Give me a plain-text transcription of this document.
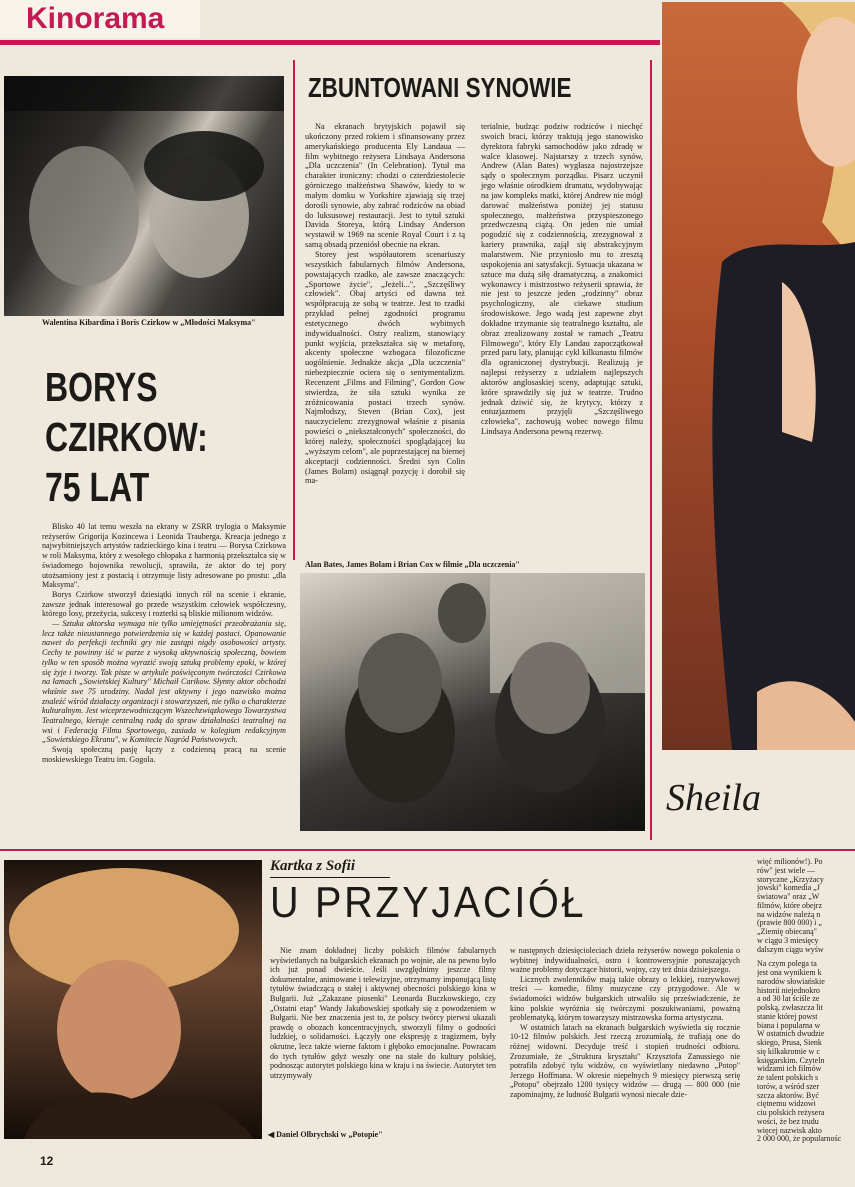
Kinorama

Walentina Kibardina i Boris Czirkow w „Młodości Maksyma"

BORYS
CZIRKOW:
75 LAT

Blisko 40 lat temu weszła na ekrany w ZSRR trylogia o Maksymie reżyserów Grigorija Kozincewa i Leonida Trauberga. Kreacja jednego z najwybitniejszych artystów radzieckiego kina i teatru — Borysa Czirkowa w roli Maksyma, który z wesołego chłopaka z harmonią przekształca się w świadomego bojownika rewolucji, sprawiła, że aktor do tej pory utożsamiony jest z postacią i otrzymuje listy adresowane po prostu: „dla Maksyma".

Borys Czirkow stworzył dziesiątki innych ról na scenie i ekranie, zawsze jednak interesował go przede wszystkim człowiek współczesny, którego losy, przeżycia, sukcesy i rozterki są bliskie milionom widzów.

— Sztuka aktorska wymaga nie tylko umiejętności przeobrażania się, lecz także nieustannego potwierdzenia się w każdej postaci. Opanowanie nawet do perfekcji techniki gry nie zastąpi nigdy osobowości artysty. Cechy te powinny iść w parze z wysoką aktywnością społeczną, bowiem tylko w ten sposób można wyrazić swoją sztuką problemy epoki, w której się żyje i tworzy. Tak pisze w artykule poświęconym twórczości Czirkowa na łamach „Sowietskiej Kultury" Michaił Carikow. Słynny aktor obchodzi właśnie swe 75 urodziny. Nadal jest aktywny i jego nazwisko można znaleźć wśród działaczy organizacji i stowarzyszeń, nie tylko o charakterze kulturalnym. Jest wiceprzewodniczącym Wszechzwiązkowego Towarzystwa Teatralnego, kieruje centralną radą do spraw działalności teatralnej na wsi i Federacją Filmu Sportowego, zasiada w kolegium redakcyjnym „Sowietskiego Ekranu", w Komitecie Nagród Państwowych.

Swoją społeczną pasję łączy z codzienną pracą na scenie moskiewskiego Teatru im. Gogola.

ZBUNTOWANI SYNOWIE

Na ekranach brytyjskich pojawił się ukończony przed rokiem i sfinansowany przez amerykańskiego producenta Ely Landaua — film wybitnego reżysera Lindsaya Andersona „Dla uczczenia" (In Celebration). Tytuł ma charakter ironiczny: chodzi o czterdziestolecie górniczego małżeństwa Shawów, kiedy to w małym domku w Yorkshire zjawiają się trzej dorośli synowie, aby zabrać rodziców na obiad do luksusowej restauracji. Jest to tytuł sztuki Davida Storeya, którą Lindsay Anderson wystawił w 1969 na scenie Royal Court i z tą samą obsadą przeniósł obecnie na ekran.

Storey jest współautorem scenariuszy wszystkich fabularnych filmów Andersona, powstających rzadko, ale zawsze znaczących: „Sportowe życie", „Jeżeli...", „Szczęśliwy człowiek". Obaj artyści od dawna też współpracują ze sobą w teatrze. Jest to rzadki przykład pełnej zgodności programu estetycznego dwóch wybitnych indywidualności. Ostry realizm, stanowiący punkt wyjścia, przekształca się w metaforę, akcenty społeczne wzbogaca filozoficzne uogólnienie. Jednakże akcja „Dla uczczenia" niebezpiecznie ociera się o sentymentalizm. Recenzent „Films and Filming", Gordon Gow stwierdza, że siła sztuki wynika ze zróżnicowania postaci trzech synów. Najmłodszy, Steven (Brian Cox), jest nauczycielem: zrezygnował właśnie z pisania powieści o „niekształconych" społeczności, do której należy, społeczności spoglądającej ku „wyższym celom", ale poprzestającej na biernej akceptacji codzienności. Średni syn Colin (James Bolam) osiągnął pozycję i dorobił się ma-

terialnie, budząc podziw rodziców i niechęć swoich braci, którzy traktują jego stanowisko dyrektora fabryki samochodów jako zdradę w walce klasowej. Najstarszy z trzech synów, Andrew (Alan Bates) wygłasza najostrzejsze sądy o społecznym porządku. Pisarz uczynił jego właśnie ośrodkiem dramatu, wydobywając na jaw kompleks matki, której Andrew nie mógł darować małżeństwa poniżej jej statusu społecznego, małżeństwa przyspieszonego przedwczesną ciążą. On jeden nie umiał pogodzić się z codziennością, zrezygnował z kariery prawnika, zajął się abstrakcyjnym malarstwem. Nie przyniosło mu to zresztą uspokojenia ani satysfakcji. Sytuacja ukazana w sztuce ma dużą siłę dramatyczną, a znakomici wykonawcy i mistrzostwo reżyserii sprawia, że nie jest to jeszcze jeden „rodzinny" obraz psychologiczny, ale ciekawe studium środowiskowe. Jego wadą jest zapewne zbyt dokładne trzymanie się teatralnego kształtu, ale obraz zrealizowany został w ramach „Teatru Filmowego", który Ely Landau zapoczątkował przed paru laty, planując cykl kilkunastu filmów dla ograniczonej dystrybucji. Realizują je najlepsi reżyserzy z udziałem najlepszych aktorów anglosaskiej sceny, adaptując sztuki, które sprawdziły się już w teatrze. Trudno jednak dziwić się, że krytycy, którzy z entuzjazmem przyjęli „Szczęśliwego człowieka", zachowują wobec nowego filmu Lindsaya Andersona pewną rezerwę.

Alan Bates, James Bolam i Brian Cox w filmie „Dla uczczenia"

Sheila
◀ Daniel Olbrychski w „Potopie"
Kartka z Sofii
U PRZYJACIÓŁ

Nie znam dokładnej liczby polskich filmów fabularnych wyświetlanych na bułgarskich ekranach po wojnie, ale na pewno było ich już ponad dwieście. Jeśli uwzględnimy jeszcze filmy dokumentalne, animowane i telewizyjne, otrzymamy imponującą listę tytułów świadczącą o stałej i aktywnej obecności polskiego kina w Bułgarii. Już „Zakazane piosenki" Leonarda Buczkowskiego, czy „Ostatni etap" Wandy Jakubowskiej spotkały się z powodzeniem w Bułgarii. Nie bez znaczenia jest to, że polscy twórcy pierwsi ukazali prawdę o obozach koncentracyjnych, stworzyli filmy o godności ludzkiej, o solidarności. Łączyły one ekspresję z tragizmem, były okrutne, lecz także wierne faktom i głęboko emocjonalne. Powracam do tych tytułów gdyż weszły one na stałe do kultury polskiej, podnosząc autorytet polskiego kina w kraju i na świecie. Autorytet ten utrzymywały

w następnych dziesięcioleciach dzieła reżyserów nowego pokolenia o wybitnej indywidualności, ostro i kontrowersyjnie poruszających ważne problemy dotyczące historii, wojny, czy też dnia dzisiejszego.

Licznych zwolenników mają takie obrazy o lekkiej, rozrywkowej treści — komedie, filmy muzyczne czy przygodowe. Ale w świadomości widzów bułgarskich utrwaliło się przeświadczenie, że kino polskie wyróżnia się twórczymi poszukiwaniami, poważną problematyką, którym towarzyszy mistrzowska forma artystyczna.

W ostatnich latach na ekranach bułgarskich wyświetla się rocznie 10-12 filmów polskich. Jest rzeczą zrozumiałą, że trafiają one do różnej widowni. Decyduje treść i stopień trudności odbioru. Zrozumiałe, że „Struktura kryształu" Krzysztofa Zanussiego nie potrafiła zdobyć tylu widzów, co wyświetlany niedawno „Potop" Jerzego Hoffmana. W okresie niepełnych 9 miesięcy pierwszą serię „Potopu" obejrzało 1200 tysięcy widzów — drugą — 800 000 (nie zapominajmy, że ludność Bułgarii wynosi niecałe dzie-

więć milionów!). Po
rów" jest wiele —
storyczne „Krzyżacy
jowski" komedia „J
światowa" oraz „W
filmów, które obejrz
na widzów należą n
(prawie 800 000) i „
„Ziemię obiecaną"
w ciągu 3 miesięcy
dalszym ciągu wyśw
Na czym polega ta
jest ona wynikiem k
narodów słowiańskie
historii niejednokro
a od 30 lat ściśle ze
polską, zwłaszcza lit
stanie której powst
biana i popularna w
W ostatnich dwudzie
skiego, Prusa, Sienk
się kilkakrotnie w c
księgarskim. Czyteln
widzami ich filmów
że talent polskich s
torów, a wśród szer
szcza aktorów. Być
ciętnemu widzowi
ciu polskich reżysera
wości, że bez trudu
więcej nazwisk akto
2 000 000, że popularnośc
12
